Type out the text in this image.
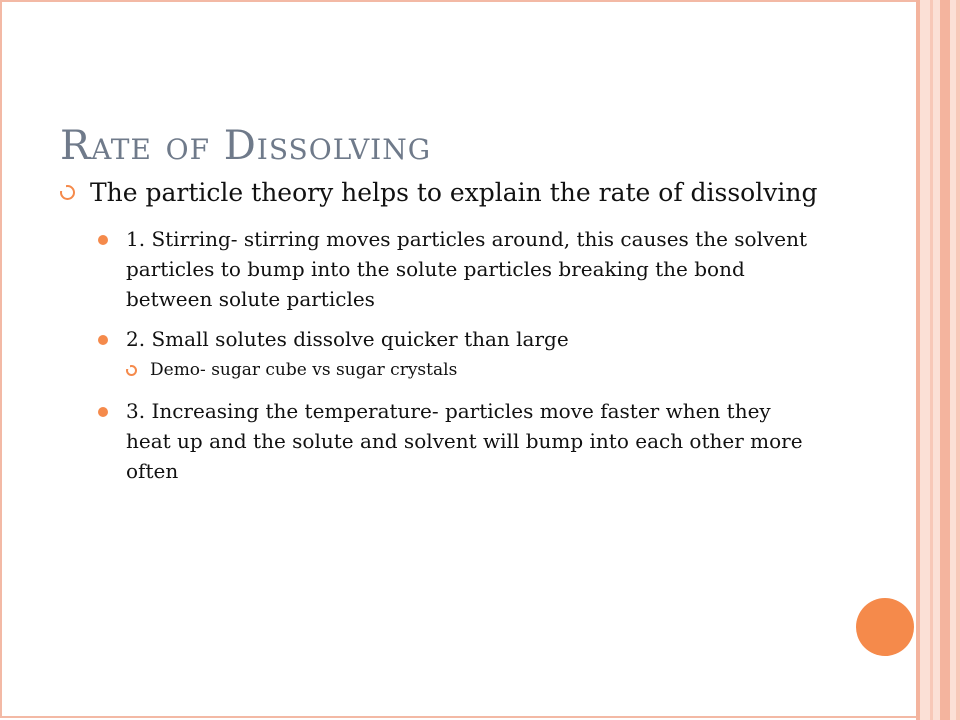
Rate of Dissolving
The particle theory helps to explain the rate of dissolving
1. Stirring- stirring moves particles around, this causes the solvent particles to bump into the solute particles breaking the bond between solute particles
2. Small solutes dissolve quicker than large
Demo- sugar cube vs sugar crystals
3. Increasing the temperature- particles move faster when they heat up and the solute and solvent will bump into each other more often
